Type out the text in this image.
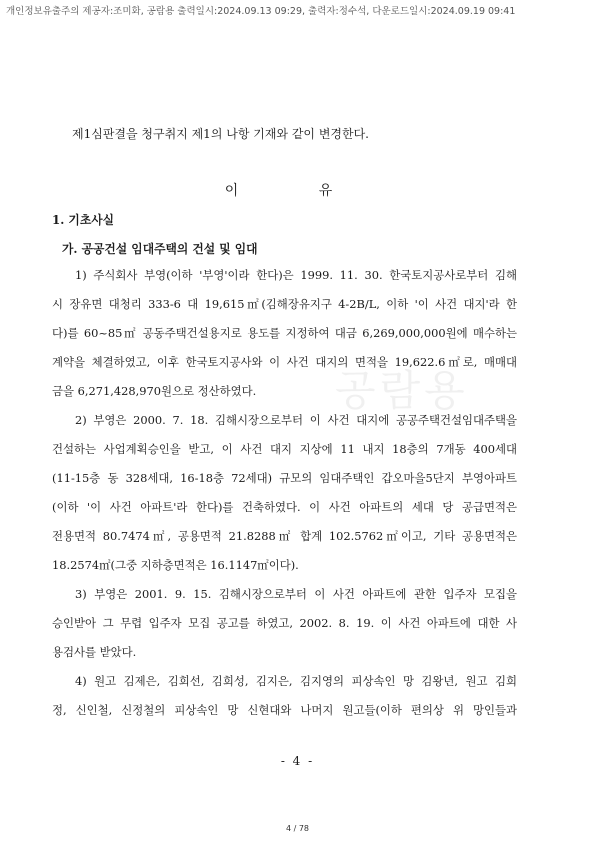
개인정보유출주의 제공자:조미화, 공람용 출력일시:2024.09.13 09:29, 출력자:정수석, 다운로드일시:2024.09.19 09:41
공람용
제1심판결을 청구취지 제1의 나항 기재와 같이 변경한다.
이 유
1. 기초사실
가. 공공건설 임대주택의 건설 및 임대
1) 주식회사 부영(이하 '부영'이라 한다)은 1999. 11. 30. 한국토지공사로부터 김해
시 장유면 대청리 333-6 대 19,615㎡(김해장유지구 4-2B/L, 이하 '이 사건 대지'라 한
다)를 60~85㎡ 공동주택건설용지로 용도를 지정하여 대금 6,269,000,000원에 매수하는
계약을 체결하였고, 이후 한국토지공사와 이 사건 대지의 면적을 19,622.6㎡로, 매매대
금을 6,271,428,970원으로 정산하였다.
2) 부영은 2000. 7. 18. 김해시장으로부터 이 사건 대지에 공공주택건설임대주택을
건설하는 사업계획승인을 받고, 이 사건 대지 지상에 11 내지 18층의 7개동 400세대
(11-15층 동 328세대, 16-18층 72세대) 규모의 임대주택인 갑오마을5단지 부영아파트
(이하 '이 사건 아파트'라 한다)를 건축하였다. 이 사건 아파트의 세대 당 공급면적은
전용면적 80.7474㎡, 공용면적 21.8288㎡ 합계 102.5762㎡이고, 기타 공용면적은
18.2574㎡(그중 지하층면적은 16.1147㎡이다).
3) 부영은 2001. 9. 15. 김해시장으로부터 이 사건 아파트에 관한 입주자 모집을
승인받아 그 무렵 입주자 모집 공고를 하였고, 2002. 8. 19. 이 사건 아파트에 대한 사
용검사를 받았다.
4) 원고 김제은, 김희선, 김희성, 김지은, 김지영의 피상속인 망 김왕년, 원고 김희
정, 신인철, 신정철의 피상속인 망 신현대와 나머지 원고들(이하 편의상 위 망인들과
- 4 -
4 / 78
